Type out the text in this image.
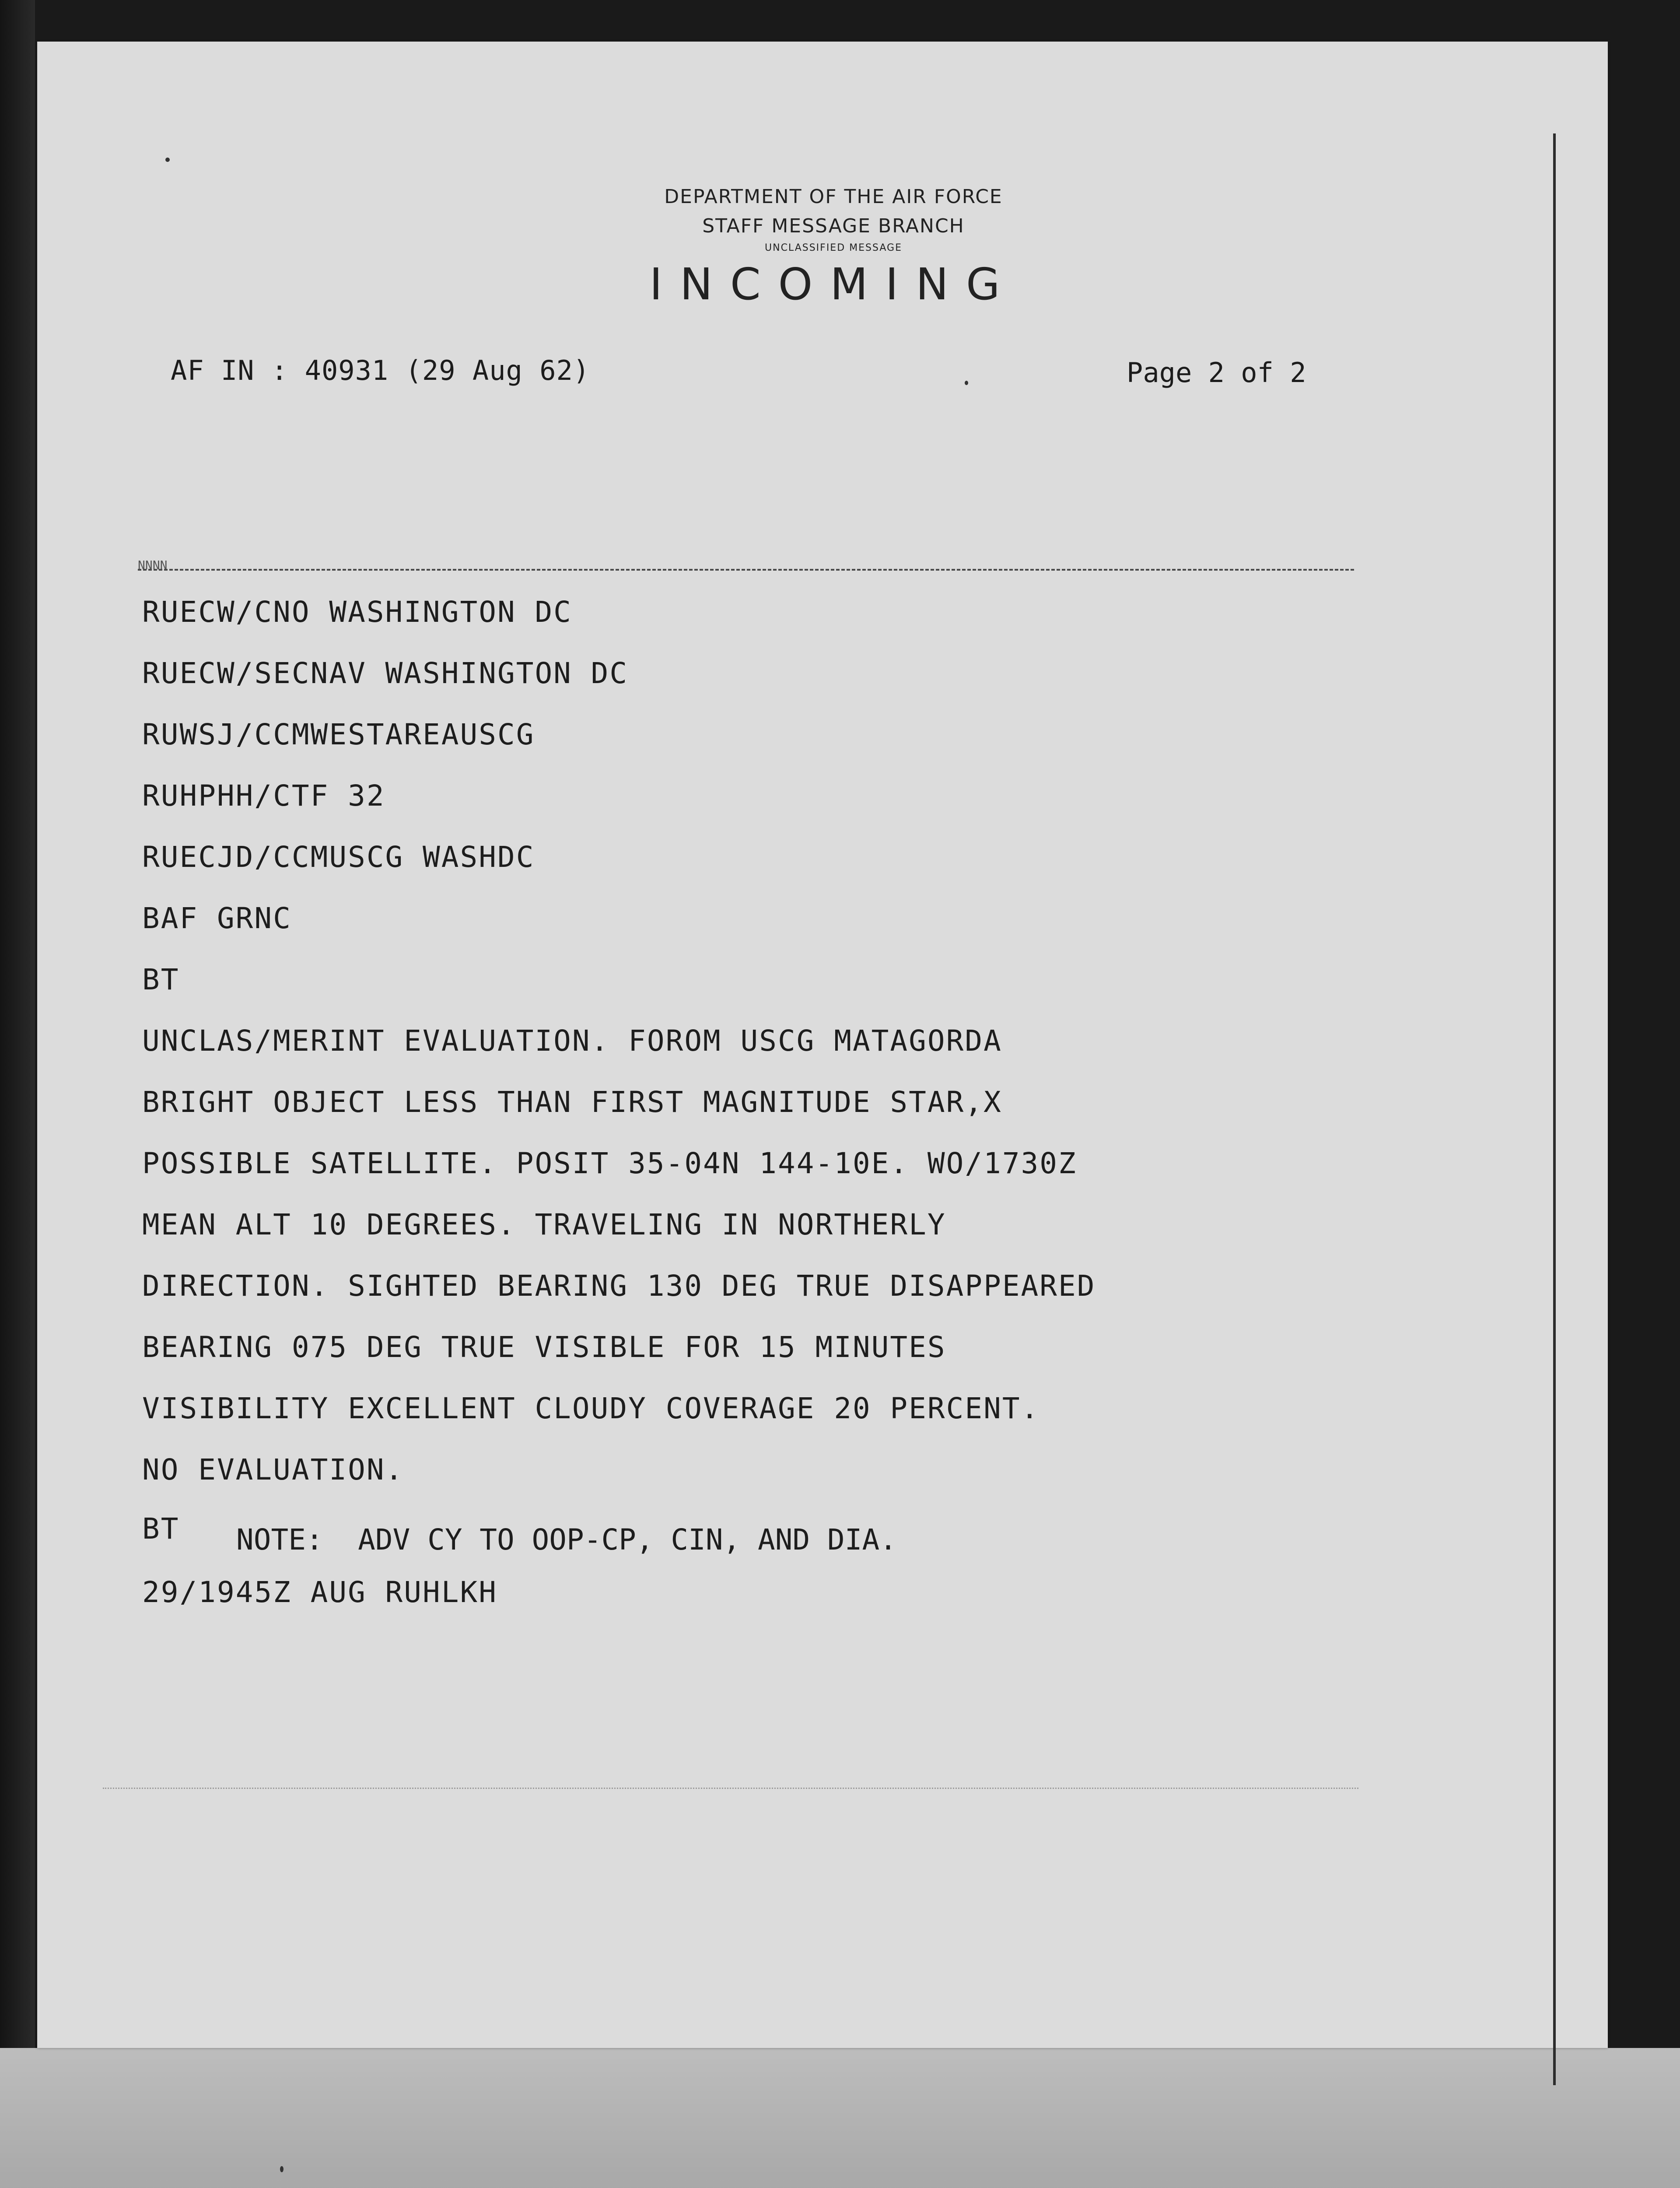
DEPARTMENT OF THE AIR FORCE
STAFF MESSAGE BRANCH
UNCLASSIFIED MESSAGE
INCOMING
AF IN : 40931 (29 Aug 62)	Page 2 of 2
NNNN
RUECW/CNO WASHINGTON DC
RUECW/SECNAV WASHINGTON DC
RUWSJ/CCMWESTAREAUSCG
RUHPHH/CTF 32
RUECJD/CCMUSCG WASHDC
BAF GRNC
BT
UNCLAS/MERINT EVALUATION. FOROM USCG MATAGORDA
BRIGHT OBJECT LESS THAN FIRST MAGNITUDE STAR,X
POSSIBLE SATELLITE. POSIT 35-04N 144-10E. WO/1730Z
MEAN ALT 10 DEGREES. TRAVELING IN NORTHERLY
DIRECTION. SIGHTED BEARING 130 DEG TRUE DISAPPEARED
BEARING 075 DEG TRUE VISIBLE FOR 15 MINUTES
VISIBILITY EXCELLENT CLOUDY COVERAGE 20 PERCENT.
NO EVALUATION.
BT NOTE:  ADV CY TO OOP-CP, CIN, AND DIA.
29/1945Z AUG RUHLKH
